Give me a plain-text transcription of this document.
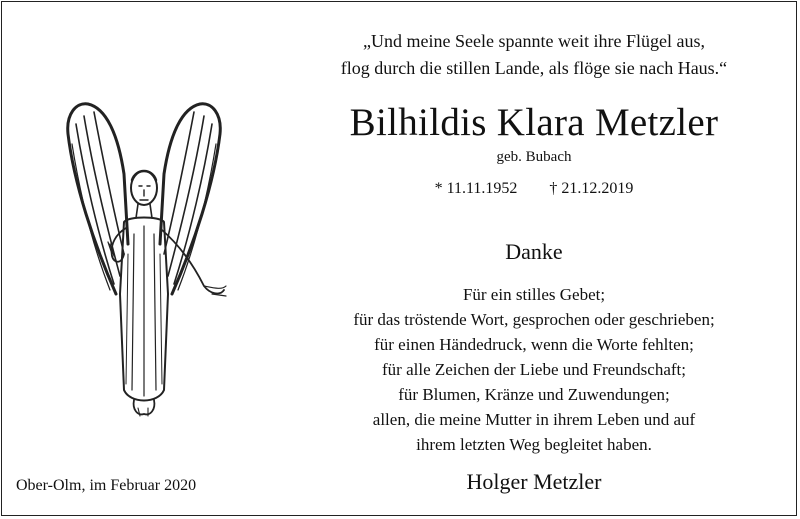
„Und meine Seele spannte weit ihre Flügel aus,
flog durch die stillen Lande, als flöge sie nach Haus.“
Bilhildis Klara Metzler
geb. Bubach
* 11.11.1952 † 21.12.2019
Danke
Für ein stilles Gebet;
für das tröstende Wort, gesprochen oder geschrieben;
für einen Händedruck, wenn die Worte fehlten;
für alle Zeichen der Liebe und Freundschaft;
für Blumen, Kränze und Zuwendungen;
allen, die meine Mutter in ihrem Leben und auf
ihrem letzten Weg begleitet haben.
Ober-Olm, im Februar 2020	Holger Metzler
